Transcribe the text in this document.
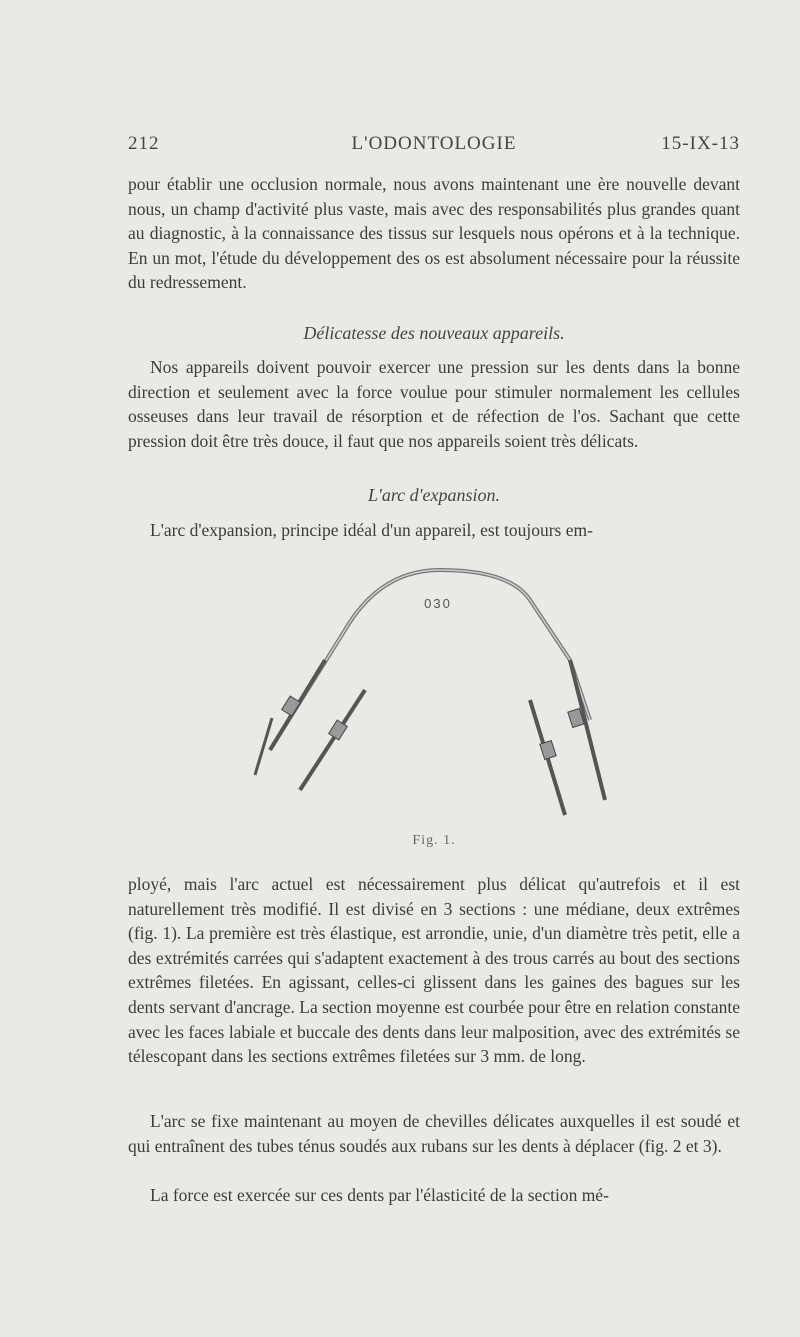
212	L'ODONTOLOGIE	15-IX-13

pour établir une occlusion normale, nous avons maintenant une ère nouvelle devant nous, un champ d'activité plus vaste, mais avec des responsabilités plus grandes quant au diagnostic, à la connaissance des tissus sur lesquels nous opérons et à la technique. En un mot, l'étude du développement des os est absolument nécessaire pour la réussite du redressement.

Délicatesse des nouveaux appareils.

Nos appareils doivent pouvoir exercer une pression sur les dents dans la bonne direction et seulement avec la force voulue pour stimuler normalement les cellules osseuses dans leur travail de résorption et de réfection de l'os. Sachant que cette pression doit être très douce, il faut que nos appareils soient très délicats.

L'arc d'expansion.

L'arc d'expansion, principe idéal d'un appareil, est toujours em-

030
Fig. 1.

ployé, mais l'arc actuel est nécessairement plus délicat qu'autrefois et il est naturellement très modifié. Il est divisé en 3 sections : une médiane, deux extrêmes (fig. 1). La première est très élastique, est arrondie, unie, d'un diamètre très petit, elle a des extrémités carrées qui s'adaptent exactement à des trous carrés au bout des sections extrêmes filetées. En agissant, celles-ci glissent dans les gaines des bagues sur les dents servant d'ancrage. La section moyenne est courbée pour être en relation constante avec les faces labiale et buccale des dents dans leur malposition, avec des extrémités se télescopant dans les sections extrêmes filetées sur 3 mm. de long.

L'arc se fixe maintenant au moyen de chevilles délicates auxquelles il est soudé et qui entraînent des tubes ténus soudés aux rubans sur les dents à déplacer (fig. 2 et 3).

La force est exercée sur ces dents par l'élasticité de la section mé-
